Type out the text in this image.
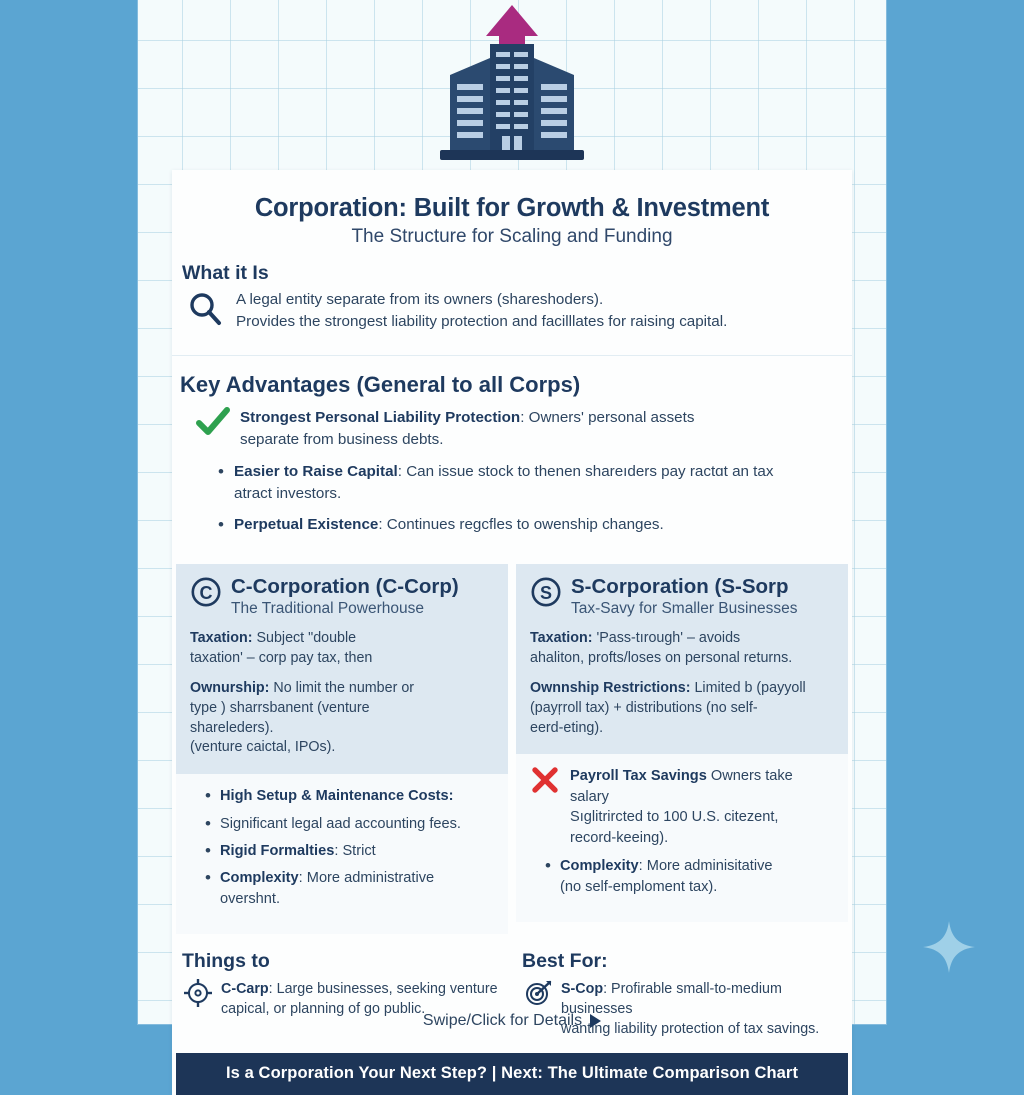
Corporation: Built for Growth & Investment
The Structure for Scaling and Funding
What it Is
A legal entity separate from its owners (shareshoders).
Provides the strongest liability protection and facilllates for raising capital.
Key Advantages (General to all Corps)
Strongest Personal Liability Protection: Owners' personal assets
separate from business debts.
• Easier to Raise Capital: Can issue stock to thenen shareıders pay ractɑt an tax
atract investors.
• Perpetual Existence: Continues regcfles to owenship changes.
C C-Corporation (C-Corp)
The Traditional Powerhouse
Taxation: Subject "double
taxation' – corp pay tax, then
Ownurship: No limit the number or
type ) sharrsbanent (venture
shareleders).
(venture caictal, IPOs).
• High Setup & Maintenance Costs:
• Significant legal aad accounting fees.
• Rigid Formalties: Strict
• Complexity: More administrative
overshnt.
S S-Corporation (S-Sorp
Tax-Savy for Smaller Businesses
Taxation: 'Pass-tırough' – avoids
ahaliton, profts/loses on personal returns.
Ownnship Restrictions: Limited b (payyoll
(payŗroll tax) + distributions (no self-
eerd-eting).
Payroll Tax Savings Owners take salary
Sıglitrircted to 100 U.S. citezent,
record-keeing).
• Complexity: More adminisitative
(no self-emploment tax).
Things to
C-Carp: Large businesses, seeking venture
capical, or planning of go public.
Best For:
S-Cop: Profirable small-to-medium businesses
wanting liability protection of tax savings.
Is a Corporation Your Next Step? | Next: The Ultimate Comparison Chart
Swipe/Click for Details
